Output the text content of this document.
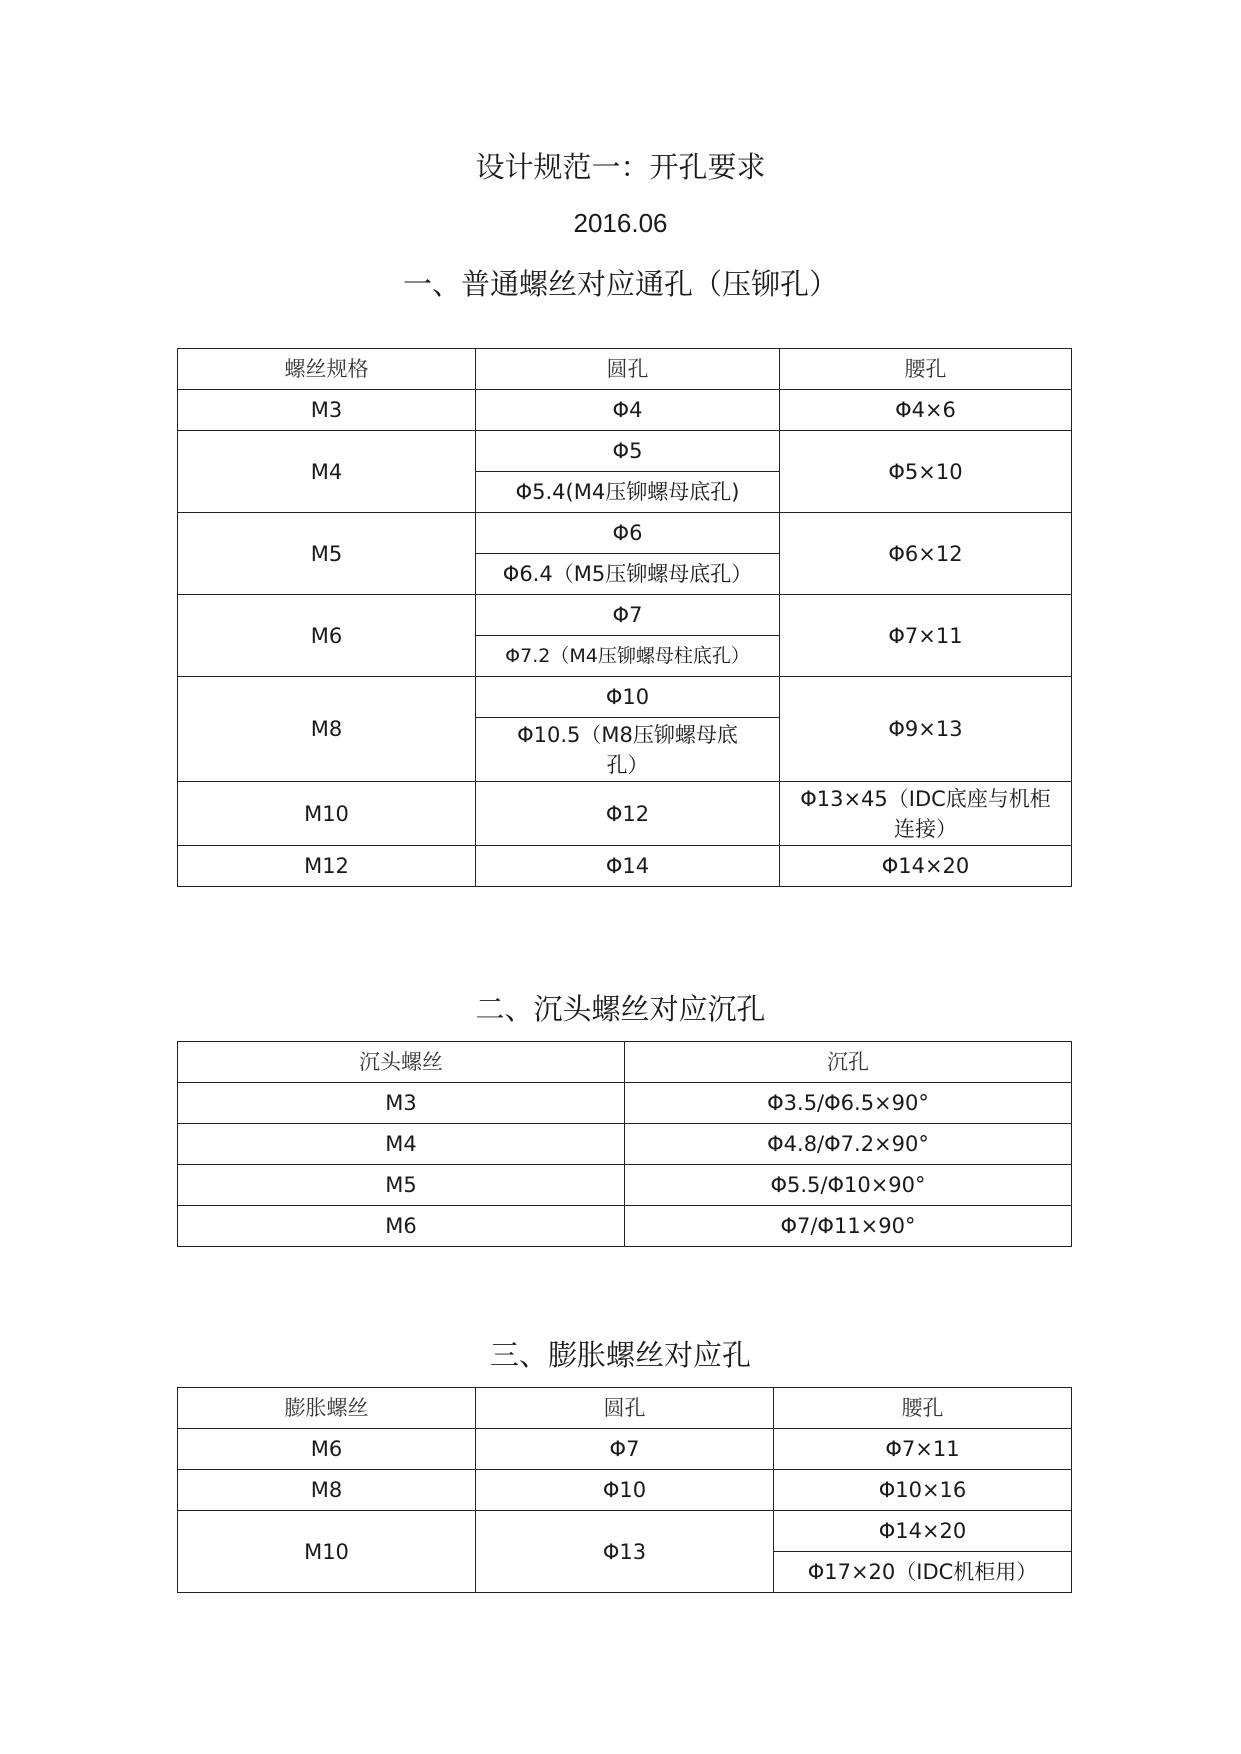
设计规范一：开孔要求
2016.06
一、普通螺丝对应通孔（压铆孔）
螺丝规格	圆孔	腰孔
M3	Φ4	Φ4×6
M4	Φ5	Φ5×10
	Φ5.4(M4压铆螺母底孔)	
M5	Φ6	Φ6×12
	Φ6.4（M5压铆螺母底孔）	
M6	Φ7	Φ7×11
	Φ7.2（M4压铆螺母柱底孔）	
M8	Φ10	Φ9×13
	Φ10.5（M8压铆螺母底孔）	
M10	Φ12	Φ13×45（IDC底座与机柜连接）
M12	Φ14	Φ14×20
二、沉头螺丝对应沉孔
沉头螺丝	沉孔
M3	Φ3.5/Φ6.5×90°
M4	Φ4.8/Φ7.2×90°
M5	Φ5.5/Φ10×90°
M6	Φ7/Φ11×90°
三、膨胀螺丝对应孔
膨胀螺丝	圆孔	腰孔
M6	Φ7	Φ7×11
M8	Φ10	Φ10×16
M10	Φ13	Φ14×20
		Φ17×20（IDC机柜用）
